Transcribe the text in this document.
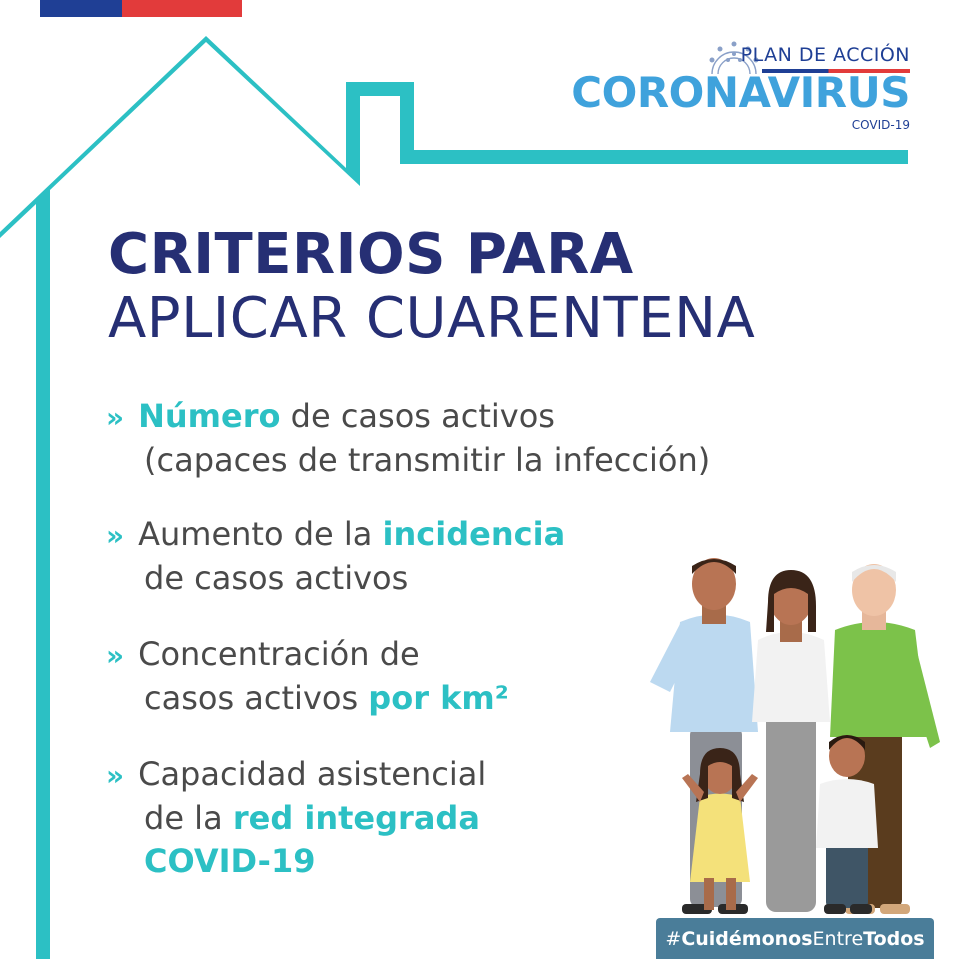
PLAN DE ACCIÓN
CORONAVIRUS
COVID-19
CRITERIOS PARA
APLICAR CUARENTENA
» Número de casos activos
(capaces de transmitir la infección)
» Aumento de la incidencia
de casos activos
» Concentración de
casos activos por km²
» Capacidad asistencial
de la red integrada
COVID-19
#CuidémonosEntreTodos
